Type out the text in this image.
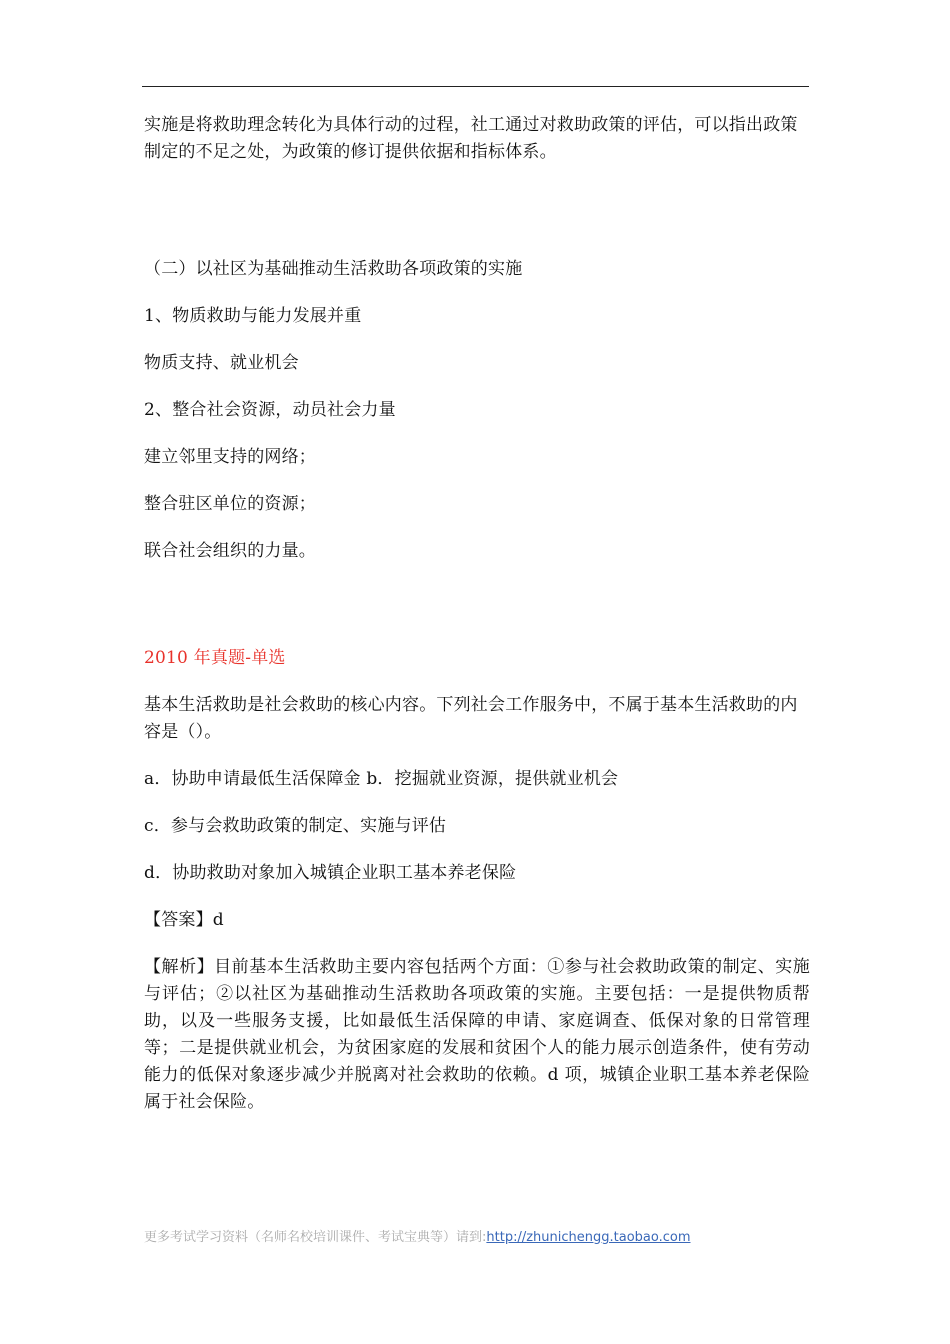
实施是将救助理念转化为具体行动的过程，社工通过对救助政策的评估，可以指出政策制定的不足之处，为政策的修订提供依据和指标体系。

（二）以社区为基础推动生活救助各项政策的实施

1、物质救助与能力发展并重

物质支持、就业机会

2、整合社会资源，动员社会力量

建立邻里支持的网络；

整合驻区单位的资源；

联合社会组织的力量。

2010 年真题-单选

基本生活救助是社会救助的核心内容。下列社会工作服务中，不属于基本生活救助的内容是（）。

a．协助申请最低生活保障金 b．挖掘就业资源，提供就业机会

c．参与会救助政策的制定、实施与评估

d．协助救助对象加入城镇企业职工基本养老保险

【答案】d

【解析】目前基本生活救助主要内容包括两个方面：①参与社会救助政策的制定、实施与评估；②以社区为基础推动生活救助各项政策的实施。主要包括：一是提供物质帮助，以及一些服务支援，比如最低生活保障的申请、家庭调查、低保对象的日常管理等；二是提供就业机会，为贫困家庭的发展和贫困个人的能力展示创造条件，使有劳动能力的低保对象逐步减少并脱离对社会救助的依赖。d 项，城镇企业职工基本养老保险属于社会保险。

更多考试学习资料（名师名校培训课件、考试宝典等）请到:http://zhunichengg.taobao.com
